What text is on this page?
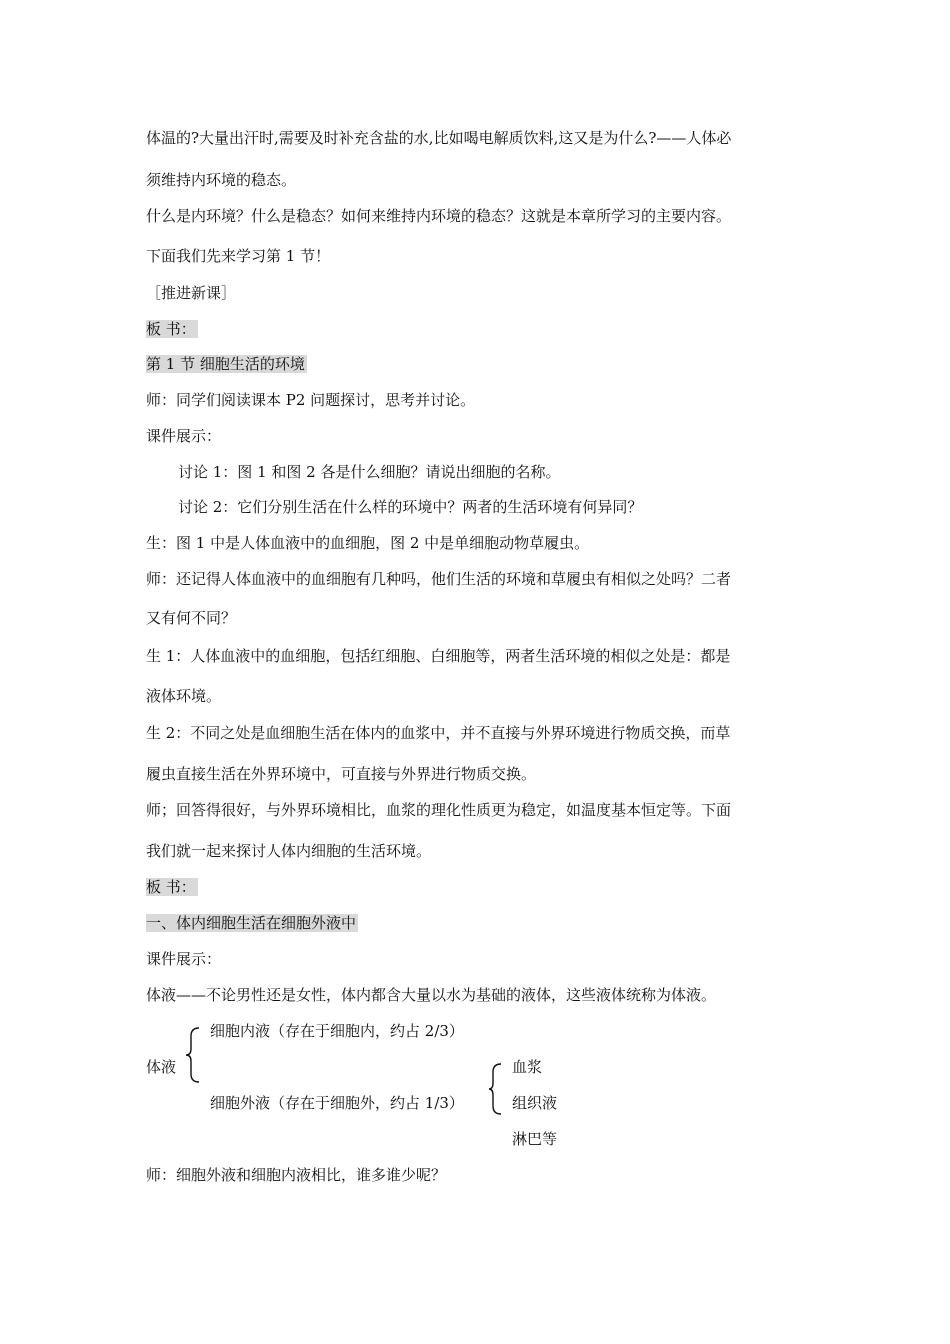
体温的?大量出汗时,需要及时补充含盐的水,比如喝电解质饮料,这又是为什么?——人体必
须维持内环境的稳态。
什么是内环境？什么是稳态？如何来维持内环境的稳态？这就是本章所学习的主要内容。
下面我们先来学习第 1 节！
［推进新课］
板 书：
第 1 节 细胞生活的环境
师：同学们阅读课本 P2 问题探讨，思考并讨论。
课件展示：
讨论 1：图 1 和图 2 各是什么细胞？请说出细胞的名称。
讨论 2：它们分别生活在什么样的环境中？两者的生活环境有何异同？
生：图 1 中是人体血液中的血细胞，图 2 中是单细胞动物草履虫。
师：还记得人体血液中的血细胞有几种吗，他们生活的环境和草履虫有相似之处吗？二者
又有何不同？
生 1：人体血液中的血细胞，包括红细胞、白细胞等，两者生活环境的相似之处是：都是
液体环境。
生 2：不同之处是血细胞生活在体内的血浆中，并不直接与外界环境进行物质交换，而草
履虫直接生活在外界环境中，可直接与外界进行物质交换。
师；回答得很好，与外界环境相比，血浆的理化性质更为稳定，如温度基本恒定等。下面
我们就一起来探讨人体内细胞的生活环境。
板 书：
一、体内细胞生活在细胞外液中
课件展示：
体液——不论男性还是女性，体内都含大量以水为基础的液体，这些液体统称为体液。
体液
细胞内液（存在于细胞内，约占 2/3）
细胞外液（存在于细胞外，约占 1/3）
血浆
组织液
淋巴等
师：细胞外液和细胞内液相比，谁多谁少呢？
